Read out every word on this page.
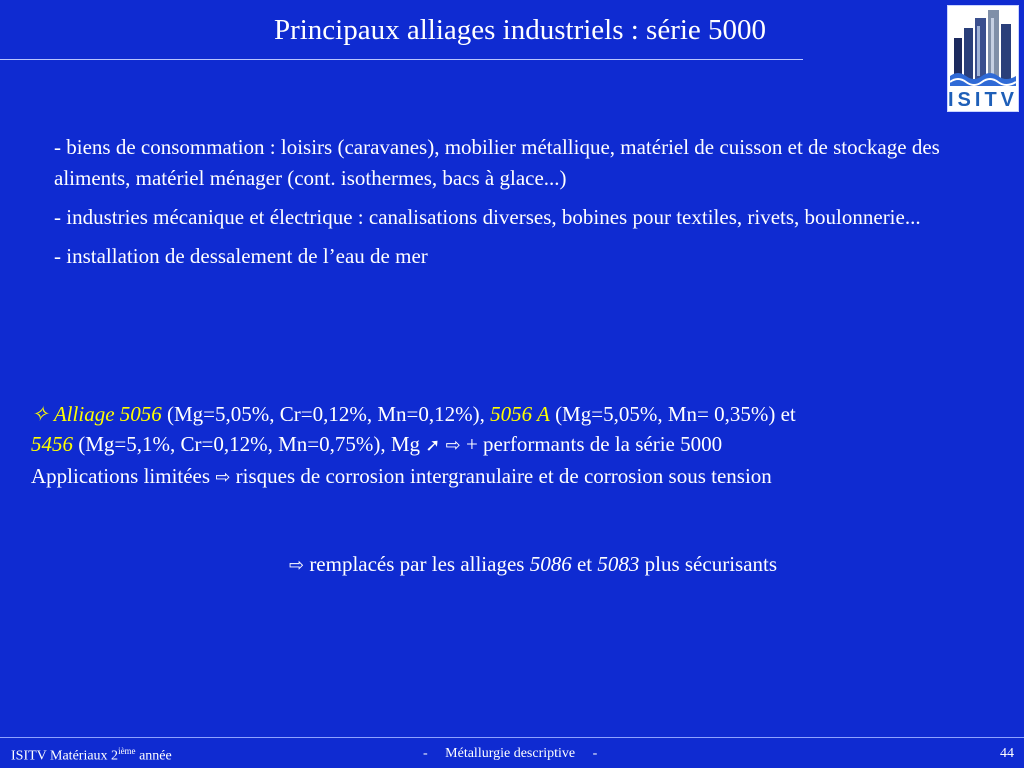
Principaux alliages industriels : série 5000
ISITV

- biens de consommation : loisirs (caravanes), mobilier métallique, matériel de cuisson et de stockage des aliments, matériel ménager (cont. isothermes, bacs à glace...)

- industries mécanique et électrique : canalisations diverses, bobines pour textiles, rivets, boulonnerie...

- installation de dessalement de l’eau de mer

✧ Alliage 5056 (Mg=5,05%, Cr=0,12%, Mn=0,12%), 5056 A (Mg=5,05%, Mn= 0,35%) et
5456 (Mg=5,1%, Cr=0,12%, Mn=0,75%), Mg ➚ ⇨ + performants de la série 5000
Applications limitées ⇨ risques de corrosion intergranulaire et de corrosion sous tension
⇨ remplacés par les alliages 5086 et 5083 plus sécurisants
ISITV Matériaux 2ième année	-     Métallurgie descriptive     -	44
